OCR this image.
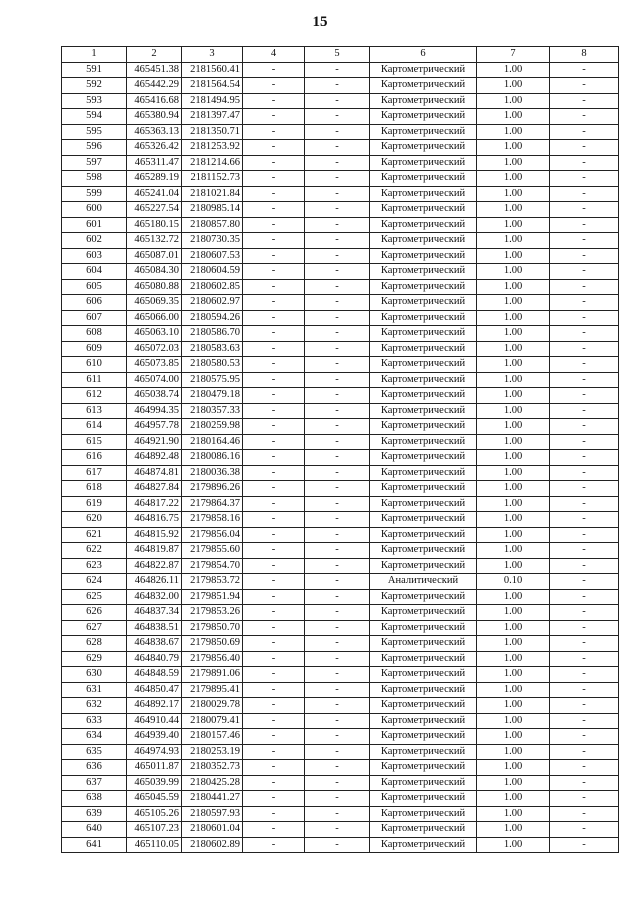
15
1	2	3	4	5	6	7	8
591	465451.38	2181560.41	-	-	Картометрический	1.00	-
592	465442.29	2181564.54	-	-	Картометрический	1.00	-
593	465416.68	2181494.95	-	-	Картометрический	1.00	-
594	465380.94	2181397.47	-	-	Картометрический	1.00	-
595	465363.13	2181350.71	-	-	Картометрический	1.00	-
596	465326.42	2181253.92	-	-	Картометрический	1.00	-
597	465311.47	2181214.66	-	-	Картометрический	1.00	-
598	465289.19	2181152.73	-	-	Картометрический	1.00	-
599	465241.04	2181021.84	-	-	Картометрический	1.00	-
600	465227.54	2180985.14	-	-	Картометрический	1.00	-
601	465180.15	2180857.80	-	-	Картометрический	1.00	-
602	465132.72	2180730.35	-	-	Картометрический	1.00	-
603	465087.01	2180607.53	-	-	Картометрический	1.00	-
604	465084.30	2180604.59	-	-	Картометрический	1.00	-
605	465080.88	2180602.85	-	-	Картометрический	1.00	-
606	465069.35	2180602.97	-	-	Картометрический	1.00	-
607	465066.00	2180594.26	-	-	Картометрический	1.00	-
608	465063.10	2180586.70	-	-	Картометрический	1.00	-
609	465072.03	2180583.63	-	-	Картометрический	1.00	-
610	465073.85	2180580.53	-	-	Картометрический	1.00	-
611	465074.00	2180575.95	-	-	Картометрический	1.00	-
612	465038.74	2180479.18	-	-	Картометрический	1.00	-
613	464994.35	2180357.33	-	-	Картометрический	1.00	-
614	464957.78	2180259.98	-	-	Картометрический	1.00	-
615	464921.90	2180164.46	-	-	Картометрический	1.00	-
616	464892.48	2180086.16	-	-	Картометрический	1.00	-
617	464874.81	2180036.38	-	-	Картометрический	1.00	-
618	464827.84	2179896.26	-	-	Картометрический	1.00	-
619	464817.22	2179864.37	-	-	Картометрический	1.00	-
620	464816.75	2179858.16	-	-	Картометрический	1.00	-
621	464815.92	2179856.04	-	-	Картометрический	1.00	-
622	464819.87	2179855.60	-	-	Картометрический	1.00	-
623	464822.87	2179854.70	-	-	Картометрический	1.00	-
624	464826.11	2179853.72	-	-	Аналитический	0.10	-
625	464832.00	2179851.94	-	-	Картометрический	1.00	-
626	464837.34	2179853.26	-	-	Картометрический	1.00	-
627	464838.51	2179850.70	-	-	Картометрический	1.00	-
628	464838.67	2179850.69	-	-	Картометрический	1.00	-
629	464840.79	2179856.40	-	-	Картометрический	1.00	-
630	464848.59	2179891.06	-	-	Картометрический	1.00	-
631	464850.47	2179895.41	-	-	Картометрический	1.00	-
632	464892.17	2180029.78	-	-	Картометрический	1.00	-
633	464910.44	2180079.41	-	-	Картометрический	1.00	-
634	464939.40	2180157.46	-	-	Картометрический	1.00	-
635	464974.93	2180253.19	-	-	Картометрический	1.00	-
636	465011.87	2180352.73	-	-	Картометрический	1.00	-
637	465039.99	2180425.28	-	-	Картометрический	1.00	-
638	465045.59	2180441.27	-	-	Картометрический	1.00	-
639	465105.26	2180597.93	-	-	Картометрический	1.00	-
640	465107.23	2180601.04	-	-	Картометрический	1.00	-
641	465110.05	2180602.89	-	-	Картометрический	1.00	-
